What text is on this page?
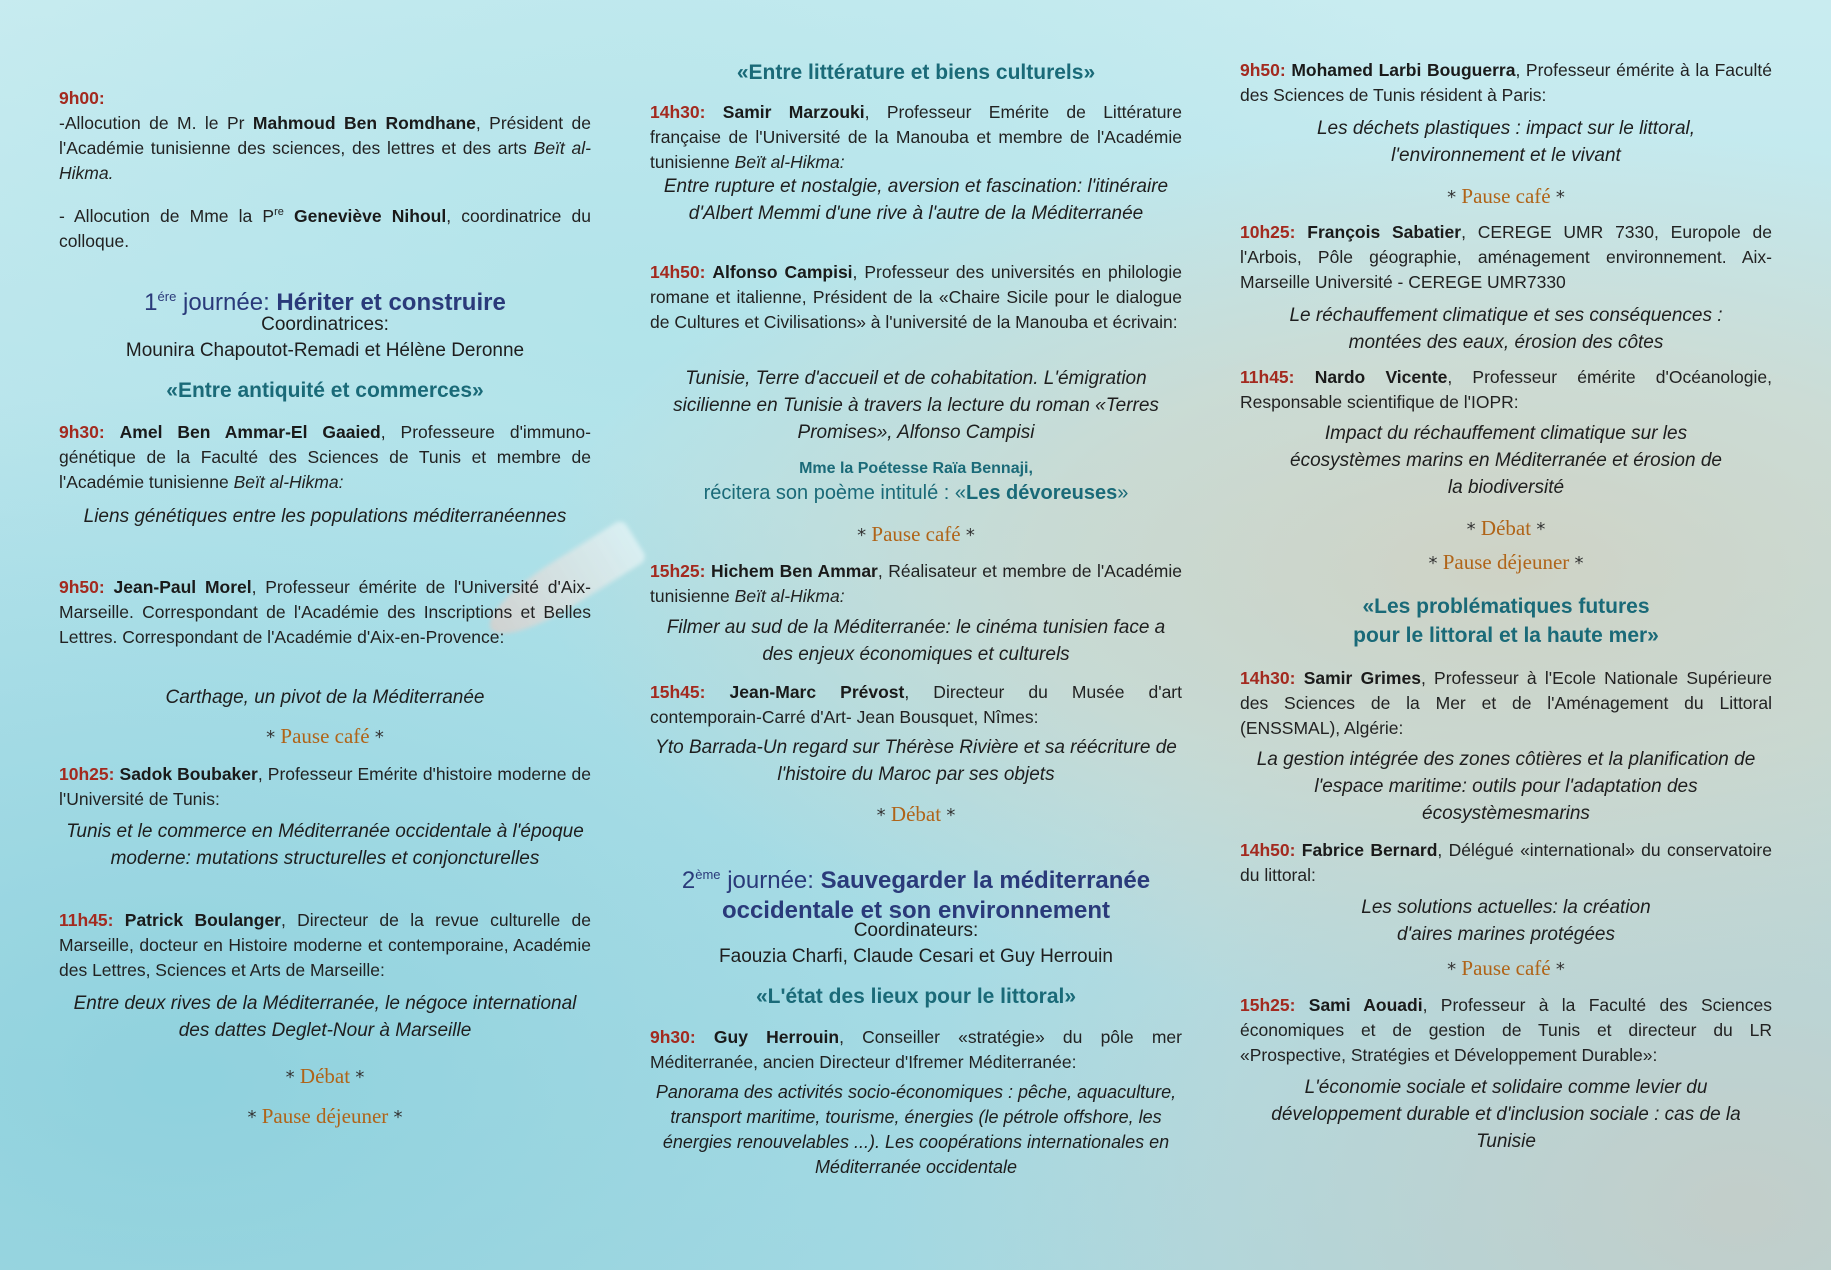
9h00:
-Allocution de M. le Pr Mahmoud Ben Romdhane, Président de l'Académie tunisienne des sciences, des lettres et des arts Beït al-Hikma.

- Allocution de Mme la $P^{re}$ Geneviève Nihoul, coordinatrice du colloque.

$1^{ére}$ journée: Hériter et construire
Coordinatrices:
Mounira Chapoutot-Remadi et Hélène Deronne
«Entre antiquité et commerces»

9h30: Amel Ben Ammar-El Gaaied, Professeure d'immuno-génétique de la Faculté des Sciences de Tunis et membre de l'Académie tunisienne Beït al-Hikma:

Liens génétiques entre les populations méditerranéennes

9h50: Jean-Paul Morel, Professeur émérite de l'Université d'Aix-Marseille. Correspondant de l'Académie des Inscriptions et Belles Lettres. Correspondant de l'Académie d'Aix-en-Provence:

Carthage, un pivot de la Méditerranée

* Pause café *

10h25: Sadok Boubaker, Professeur Emérite d'histoire moderne de l'Université de Tunis:

Tunis et le commerce en Méditerranée occidentale à l'époque moderne: mutations structurelles et conjoncturelles

11h45: Patrick Boulanger, Directeur de la revue culturelle de Marseille, docteur en Histoire moderne et contemporaine, Académie des Lettres, Sciences et Arts de Marseille:

Entre deux rives de la Méditerranée, le négoce international des dattes Deglet-Nour à Marseille

* Débat *
* Pause déjeuner *
«Entre littérature et biens culturels»

14h30: Samir Marzouki, Professeur Emérite de Littérature française de l'Université de la Manouba et membre de l'Académie tunisienne Beït al-Hikma:

Entre rupture et nostalgie, aversion et fascination: l'itinéraire d'Albert Memmi d'une rive à l'autre de la Méditerranée

14h50: Alfonso Campisi, Professeur des universités en philologie romane et italienne, Président de la «Chaire Sicile pour le dialogue de Cultures et Civilisations» à l'université de la Manouba et écrivain:

Tunisie, Terre d'accueil et de cohabitation. L'émigration sicilienne en Tunisie à travers la lecture du roman «Terres Promises», Alfonso Campisi

Mme la Poétesse Raïa Bennaji,
récitera son poème intitulé : «Les dévoreuses»
* Pause café *

15h25: Hichem Ben Ammar, Réalisateur et membre de l'Académie tunisienne Beït al-Hikma:

Filmer au sud de la Méditerranée: le cinéma tunisien face a des enjeux économiques et culturels

15h45: Jean-Marc Prévost, Directeur du Musée d'art contemporain-Carré d'Art- Jean Bousquet, Nîmes:

Yto Barrada-Un regard sur Thérèse Rivière et sa réécriture de l'histoire du Maroc par ses objets

* Débat *
2ème journée: Sauvegarder la méditerranée
occidentale et son environnement
Coordinateurs:
Faouzia Charfi, Claude Cesari et Guy Herrouin
«L'état des lieux pour le littoral»

9h30: Guy Herrouin, Conseiller «stratégie» du pôle mer Méditerranée, ancien Directeur d'Ifremer Méditerranée:

Panorama des activités socio-économiques : pêche, aquaculture, transport maritime, tourisme, énergies (le pétrole offshore, les énergies renouvelables ...). Les coopérations internationales en Méditerranée occidentale

9h50: Mohamed Larbi Bouguerra, Professeur émérite à la Faculté des Sciences de Tunis résident à Paris:

Les déchets plastiques : impact sur le littoral, l'environnement et le vivant

* Pause café *

10h25: François Sabatier, CEREGE UMR 7330, Europole de l'Arbois, Pôle géographie, aménagement environnement. Aix-Marseille Université - CEREGE UMR7330

Le réchauffement climatique et ses conséquences : montées des eaux, érosion des côtes

11h45: Nardo Vicente, Professeur émérite d'Océanologie, Responsable scientifique de l'IOPR:

Impact du réchauffement climatique sur les écosystèmes marins en Méditerranée et érosion de la biodiversité

* Débat *
* Pause déjeuner *
«Les problématiques futures pour le littoral et la haute mer»

14h30: Samir Grimes, Professeur à l'Ecole Nationale Supérieure des Sciences de la Mer et de l'Aménagement du Littoral (ENSSMAL), Algérie:

La gestion intégrée des zones côtières et la planification de l'espace maritime: outils pour l'adaptation des écosystèmesmarins

14h50: Fabrice Bernard, Délégué «international» du conservatoire du littoral:

Les solutions actuelles: la création d'aires marines protégées

* Pause café *

15h25: Sami Aouadi, Professeur à la Faculté des Sciences économiques et de gestion de Tunis et directeur du LR «Prospective, Stratégies et Développement Durable»:

L'économie sociale et solidaire comme levier du développement durable et d'inclusion sociale : cas de la Tunisie
